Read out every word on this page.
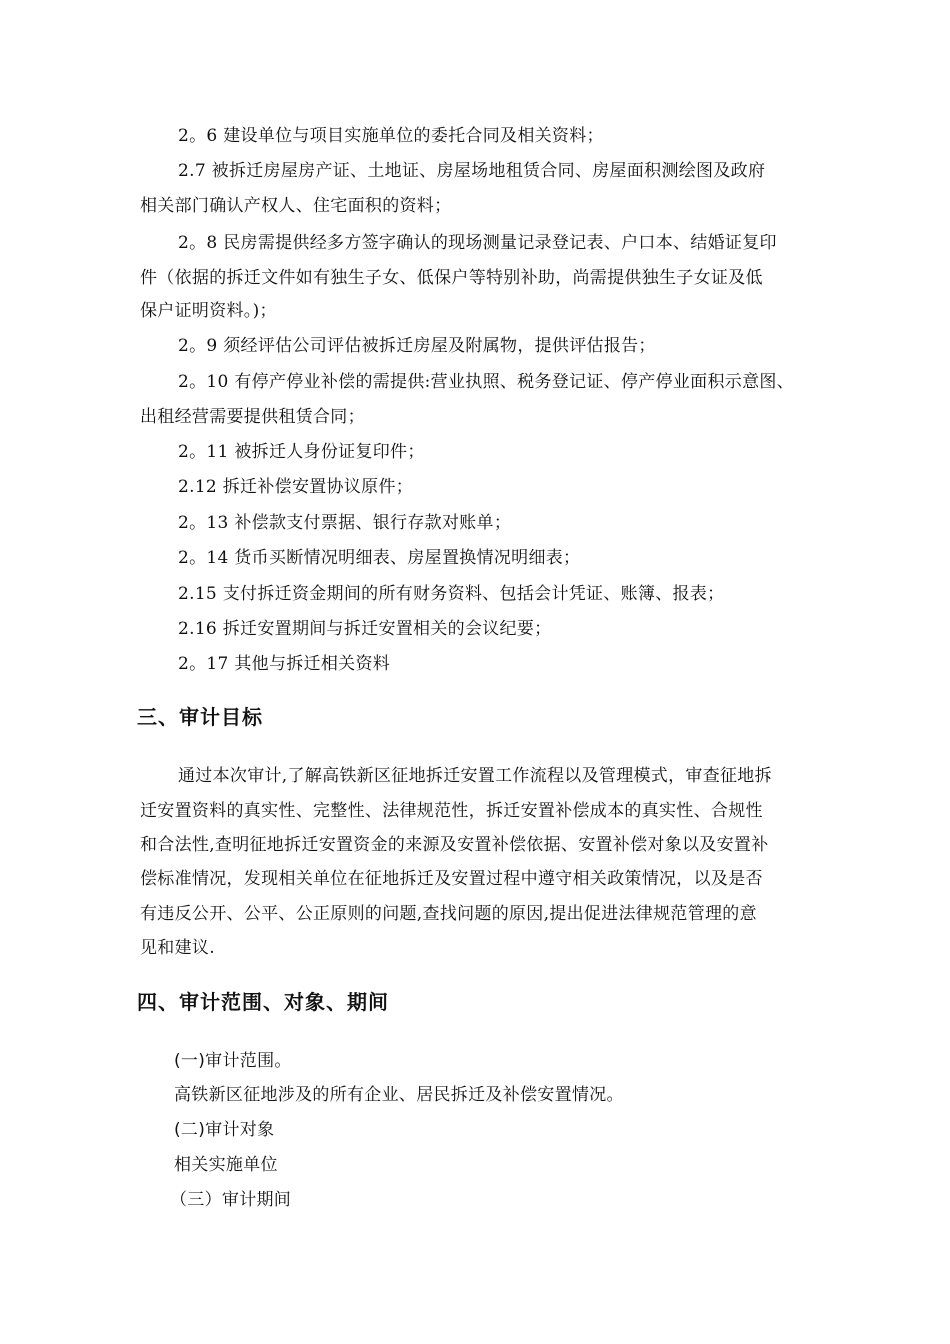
2。6 建设单位与项目实施单位的委托合同及相关资料；
2.7 被拆迁房屋房产证、土地证、房屋场地租赁合同、房屋面积测绘图及政府
相关部门确认产权人、住宅面积的资料；
2。8 民房需提供经多方签字确认的现场测量记录登记表、户口本、结婚证复印
件（依据的拆迁文件如有独生子女、低保户等特别补助，尚需提供独生子女证及低
保户证明资料。)；
2。9 须经评估公司评估被拆迁房屋及附属物，提供评估报告；
2。10 有停产停业补偿的需提供:营业执照、税务登记证、停产停业面积示意图、
出租经营需要提供租赁合同；
2。11 被拆迁人身份证复印件；
2.12 拆迁补偿安置协议原件；
2。13 补偿款支付票据、银行存款对账单；
2。14 货币买断情况明细表、房屋置换情况明细表；
2.15 支付拆迁资金期间的所有财务资料、包括会计凭证、账簿、报表；
2.16 拆迁安置期间与拆迁安置相关的会议纪要；
2。17 其他与拆迁相关资料
三、审计目标
通过本次审计,了解高铁新区征地拆迁安置工作流程以及管理模式，审查征地拆
迁安置资料的真实性、完整性、法律规范性，拆迁安置补偿成本的真实性、合规性
和合法性,查明征地拆迁安置资金的来源及安置补偿依据、安置补偿对象以及安置补
偿标准情况，发现相关单位在征地拆迁及安置过程中遵守相关政策情况，以及是否
有违反公开、公平、公正原则的问题,查找问题的原因,提出促进法律规范管理的意
见和建议.
四、审计范围、对象、期间
(一)审计范围。
高铁新区征地涉及的所有企业、居民拆迁及补偿安置情况。
(二)审计对象
相关实施单位
（三）审计期间
